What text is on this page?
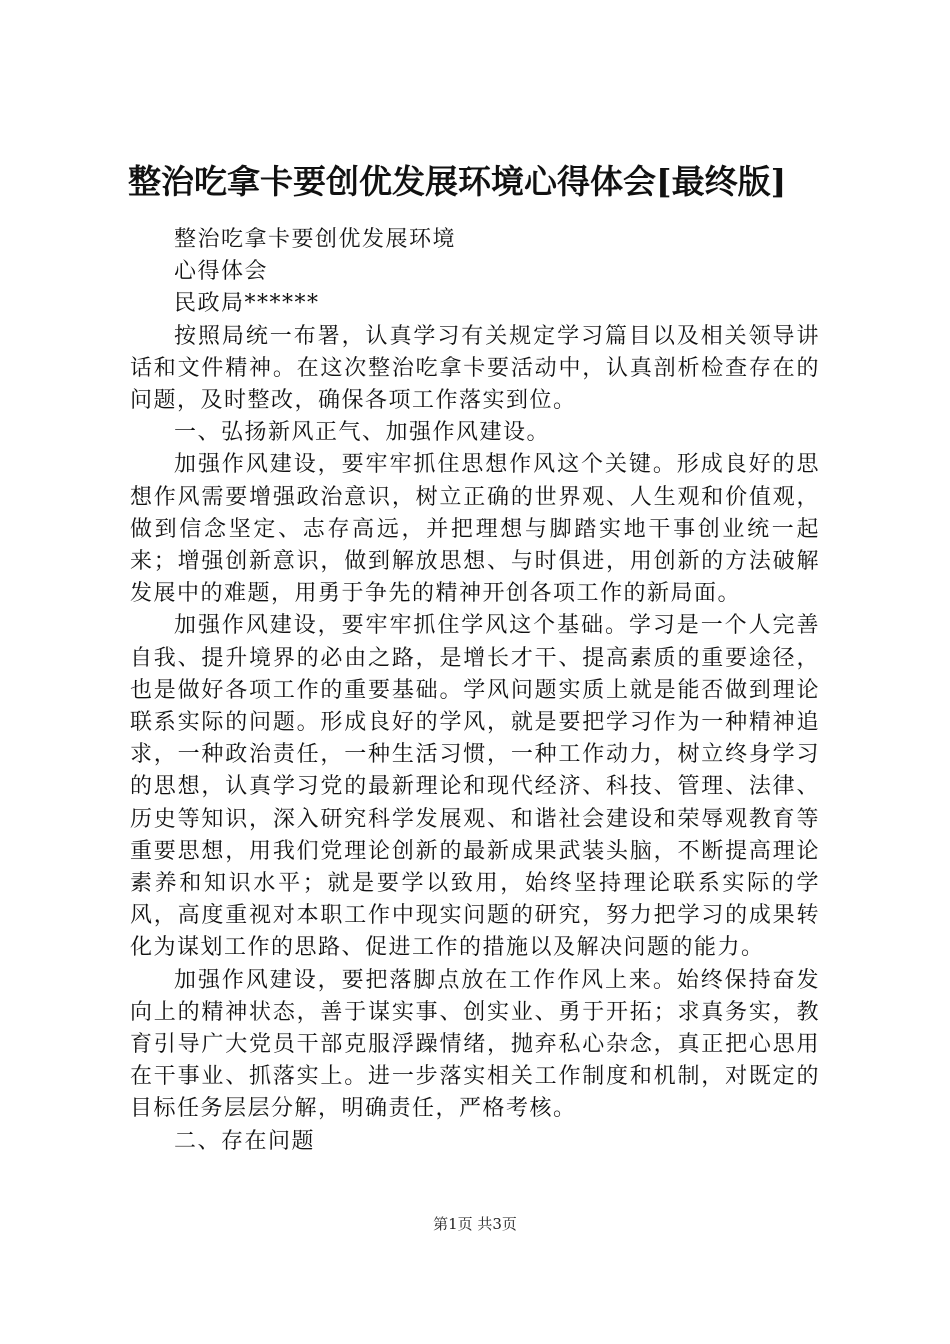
整治吃拿卡要创优发展环境心得体会[最终版]

整治吃拿卡要创优发展环境

心得体会

民政局******

按照局统一布署，认真学习有关规定学习篇目以及相关领导讲话和文件精神。在这次整治吃拿卡要活动中，认真剖析检查存在的问题，及时整改，确保各项工作落实到位。

一、弘扬新风正气、加强作风建设。

加强作风建设，要牢牢抓住思想作风这个关键。形成良好的思想作风需要增强政治意识，树立正确的世界观、人生观和价值观，做到信念坚定、志存高远，并把理想与脚踏实地干事创业统一起来；增强创新意识，做到解放思想、与时俱进，用创新的方法破解发展中的难题，用勇于争先的精神开创各项工作的新局面。

加强作风建设，要牢牢抓住学风这个基础。学习是一个人完善自我、提升境界的必由之路，是增长才干、提高素质的重要途径，也是做好各项工作的重要基础。学风问题实质上就是能否做到理论联系实际的问题。形成良好的学风，就是要把学习作为一种精神追求，一种政治责任，一种生活习惯，一种工作动力，树立终身学习的思想，认真学习党的最新理论和现代经济、科技、管理、法律、历史等知识，深入研究科学发展观、和谐社会建设和荣辱观教育等重要思想，用我们党理论创新的最新成果武装头脑，不断提高理论素养和知识水平；就是要学以致用，始终坚持理论联系实际的学风，高度重视对本职工作中现实问题的研究，努力把学习的成果转化为谋划工作的思路、促进工作的措施以及解决问题的能力。

加强作风建设，要把落脚点放在工作作风上来。始终保持奋发向上的精神状态，善于谋实事、创实业、勇于开拓；求真务实，教育引导广大党员干部克服浮躁情绪，抛弃私心杂念，真正把心思用在干事业、抓落实上。进一步落实相关工作制度和机制，对既定的目标任务层层分解，明确责任，严格考核。

二、存在问题

第1页 共3页
